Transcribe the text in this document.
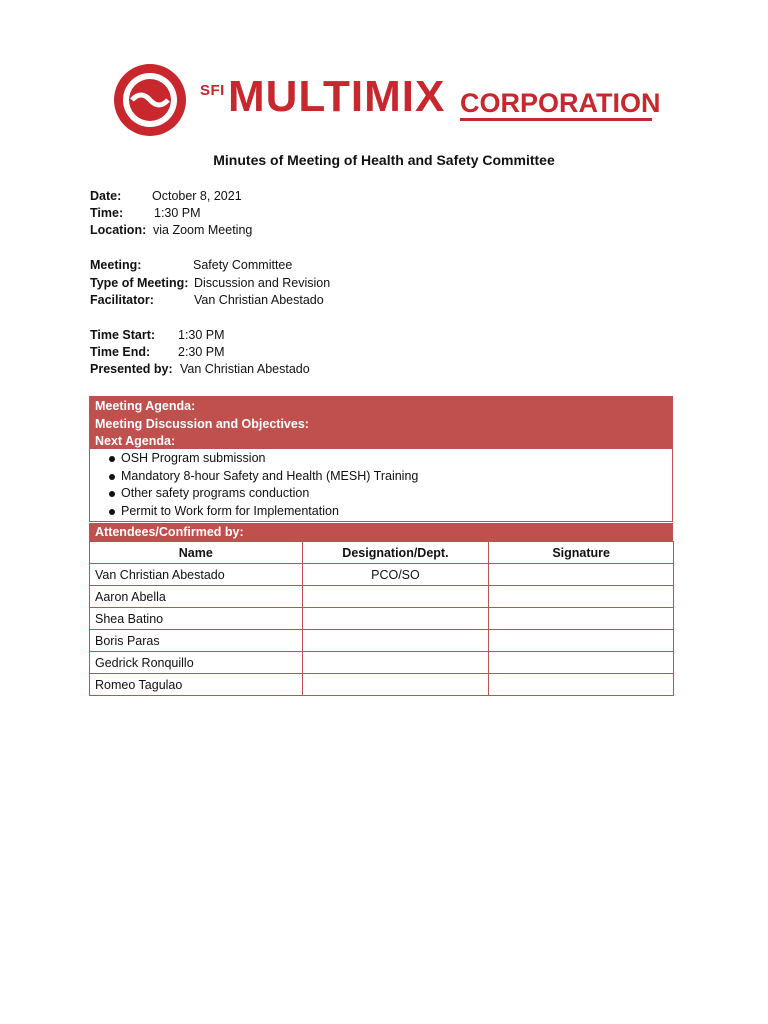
SFI MULTIMIX CORPORATION
Minutes of Meeting of Health and Safety Committee
Date: October 8, 2021
Time: 1:30 PM
Location: via Zoom Meeting
Meeting:	Safety Committee
Type of Meeting: Discussion and Revision
Facilitator:	Van Christian Abestado
Time Start: 1:30 PM
Time End: 2:30 PM
Presented by: Van Christian Abestado
Meeting Agenda:
Meeting Discussion and Objectives:
Next Agenda:
OSH Program submission
Mandatory 8-hour Safety and Health (MESH) Training
Other safety programs conduction
Permit to Work form for Implementation
Attendees/Confirmed by:
Name	Designation/Dept.	Signature
Van Christian Abestado	PCO/SO	
Aaron Abella		
Shea Batino		
Boris Paras		
Gedrick Ronquillo		
Romeo Tagulao		
